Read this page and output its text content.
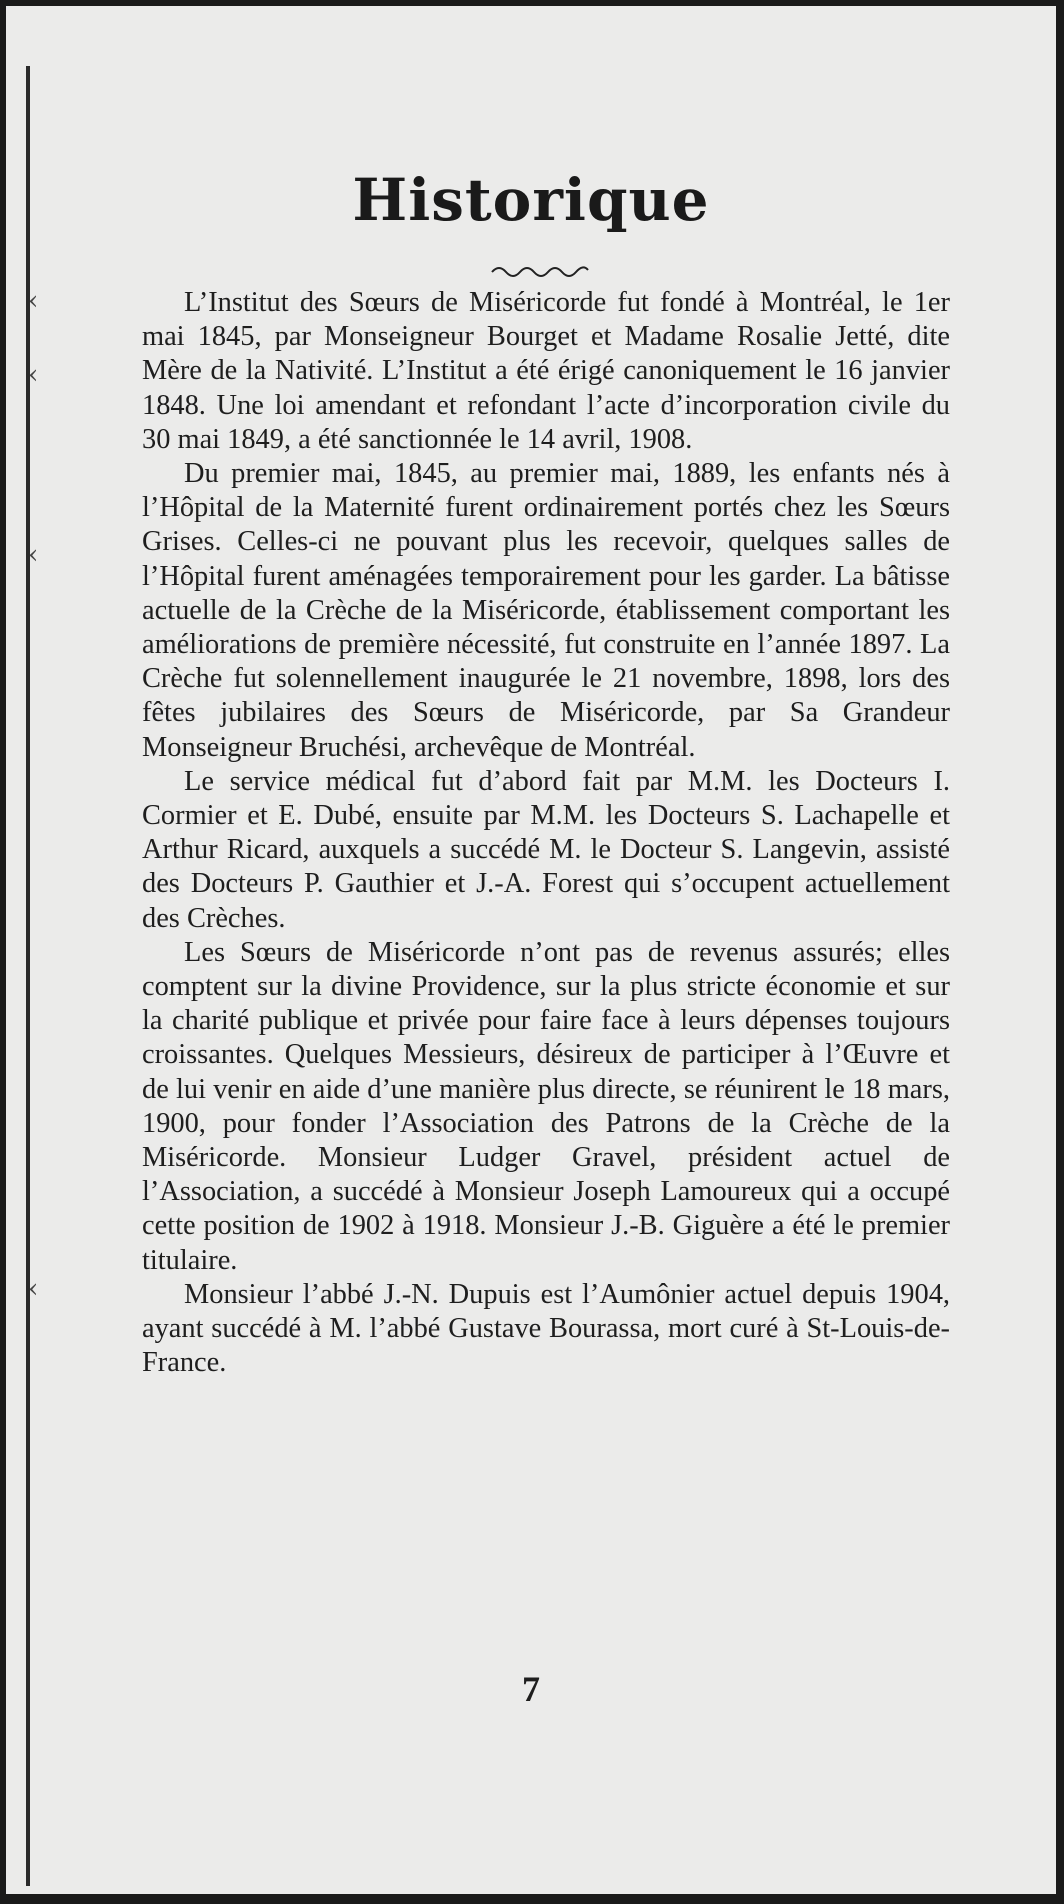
‹
‹
‹
‹
Historique

L’Institut des Sœurs de Miséricorde fut fondé à Montréal, le 1er mai 1845, par Monseigneur Bourget et Madame Rosalie Jetté, dite Mère de la Nativité. L’Institut a été érigé canoniquement le 16 janvier 1848. Une loi amendant et refondant l’acte d’incorporation civile du 30 mai 1849, a été sanctionnée le 14 avril, 1908.

Du premier mai, 1845, au premier mai, 1889, les enfants nés à l’Hôpital de la Maternité furent ordinairement portés chez les Sœurs Grises. Celles-ci ne pouvant plus les recevoir, quelques salles de l’Hôpital furent aménagées temporairement pour les garder. La bâtisse actuelle de la Crèche de la Miséricorde, établissement comportant les améliorations de première nécessité, fut construite en l’année 1897. La Crèche fut solennellement inaugurée le 21 novembre, 1898, lors des fêtes jubilaires des Sœurs de Miséricorde, par Sa Grandeur Monseigneur Bruchési, archevêque de Montréal.

Le service médical fut d’abord fait par M.M. les Docteurs I. Cormier et E. Dubé, ensuite par M.M. les Docteurs S. Lachapelle et Arthur Ricard, auxquels a succédé M. le Docteur S. Langevin, assisté des Docteurs P. Gauthier et J.-A. Forest qui s’occupent actuellement des Crèches.

Les Sœurs de Miséricorde n’ont pas de revenus assurés; elles comptent sur la divine Providence, sur la plus stricte économie et sur la charité publique et privée pour faire face à leurs dépenses toujours croissantes. Quelques Messieurs, désireux de participer à l’Œuvre et de lui venir en aide d’une manière plus directe, se réunirent le 18 mars, 1900, pour fonder l’Association des Patrons de la Crèche de la Miséricorde. Monsieur Ludger Gravel, président actuel de l’Association, a succédé à Monsieur Joseph Lamoureux qui a occupé cette position de 1902 à 1918. Monsieur J.-B. Giguère a été le premier titulaire.

Monsieur l’abbé J.-N. Dupuis est l’Aumônier actuel depuis 1904, ayant succédé à M. l’abbé Gustave Bourassa, mort curé à St-Louis-de-France.

7
